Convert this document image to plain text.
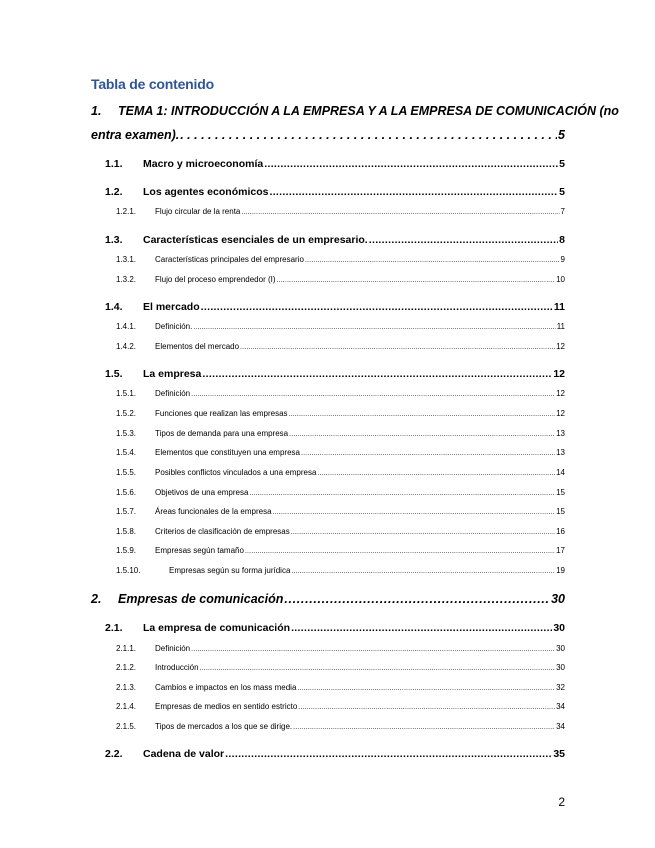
Tabla de contenido
1.	TEMA 1: INTRODUCCIÓN A LA EMPRESA Y A LA EMPRESA DE COMUNICACIÓN (no
entra examen). . . .	5
1.1.	Macro y microeconomía . . .	5
1.2.	Los agentes económicos . . .	5
1.2.1.	Flujo circular de la renta . . .	7
1.3.	Características esenciales de un empresario. . . .	8
1.3.1.	Características principales del empresario . . .	9
1.3.2.	Flujo del proceso emprendedor (I) . . .	10
1.4.	El mercado . . .	11
1.4.1.	Definición. . . .	11
1.4.2.	Elementos del mercado . . .	12
1.5.	La empresa . . .	12
1.5.1.	Definición . . .	12
1.5.2.	Funciones que realizan las empresas . . .	12
1.5.3.	Tipos de demanda para una empresa . . .	13
1.5.4.	Elementos que constituyen una empresa . . .	13
1.5.5.	Posibles conflictos vinculados a una empresa . . .	14
1.5.6.	Objetivos de una empresa . . .	15
1.5.7.	Áreas funcionales de la empresa . . .	15
1.5.8.	Criterios de clasificación de empresas . . .	16
1.5.9.	Empresas según tamaño . . .	17
1.5.10.	Empresas según su forma jurídica . . .	19
2.	Empresas de comunicación . . .	30
2.1.	La empresa de comunicación . . .	30
2.1.1.	Definición . . .	30
2.1.2.	Introducción . . .	30
2.1.3.	Cambios e impactos en los mass media . . .	32
2.1.4.	Empresas de medios en sentido estricto . . .	34
2.1.5.	Tipos de mercados a los que se dirige. . . .	34
2.2.	Cadena de valor . . .	35
2
